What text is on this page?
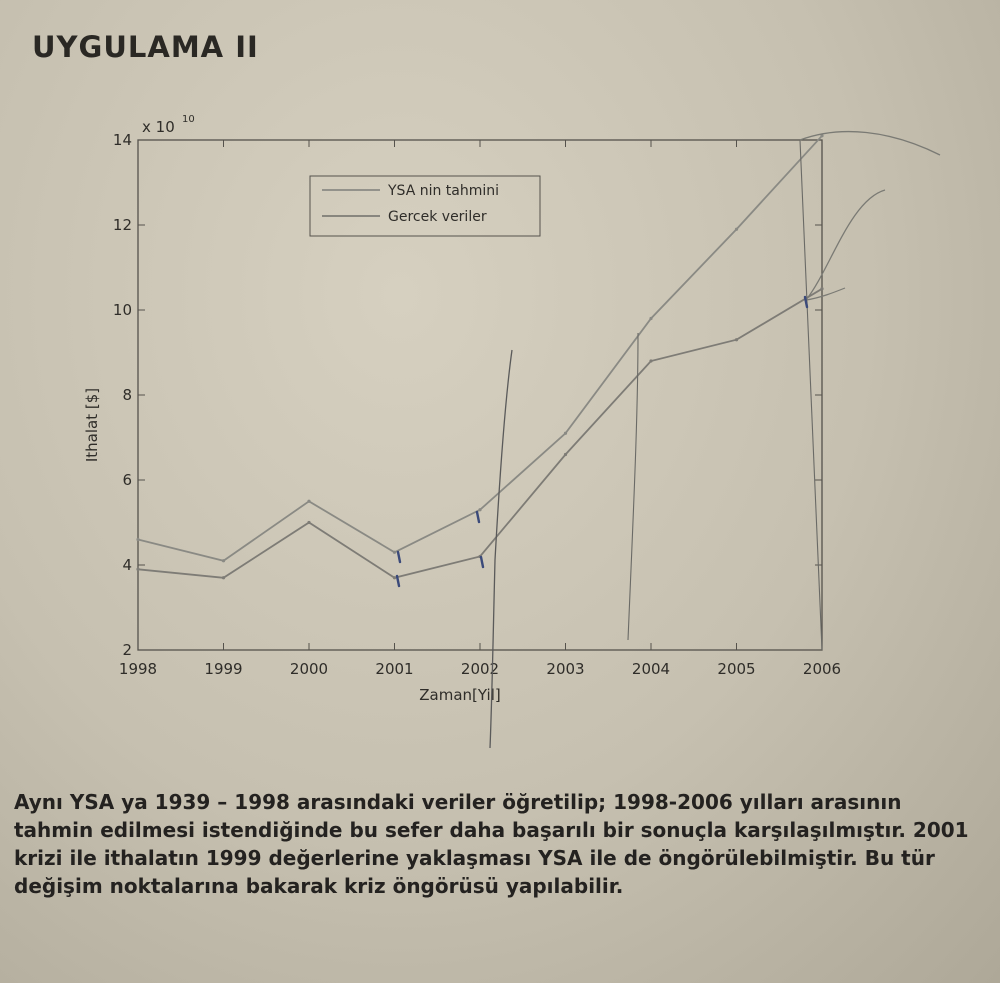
UYGULAMA II
1998	1999	2000	2001	2002	2003	2004	2005	2006
2
4
6
8
10
12
14
x 10 10
Zaman[Yil]
Ithalat [$]
YSA nin tahmini
Gercek veriler

Aynı YSA ya 1939 – 1998 arasındaki veriler öğretilip; 1998-2006 yılları arasının tahmin edilmesi istendiğinde bu sefer daha başarılı bir sonuçla karşılaşılmıştır. 2001 krizi ile ithalatın 1999 değerlerine yaklaşması YSA ile de öngörülebilmiştir. Bu tür değişim noktalarına bakarak kriz öngörüsü yapılabilir.
